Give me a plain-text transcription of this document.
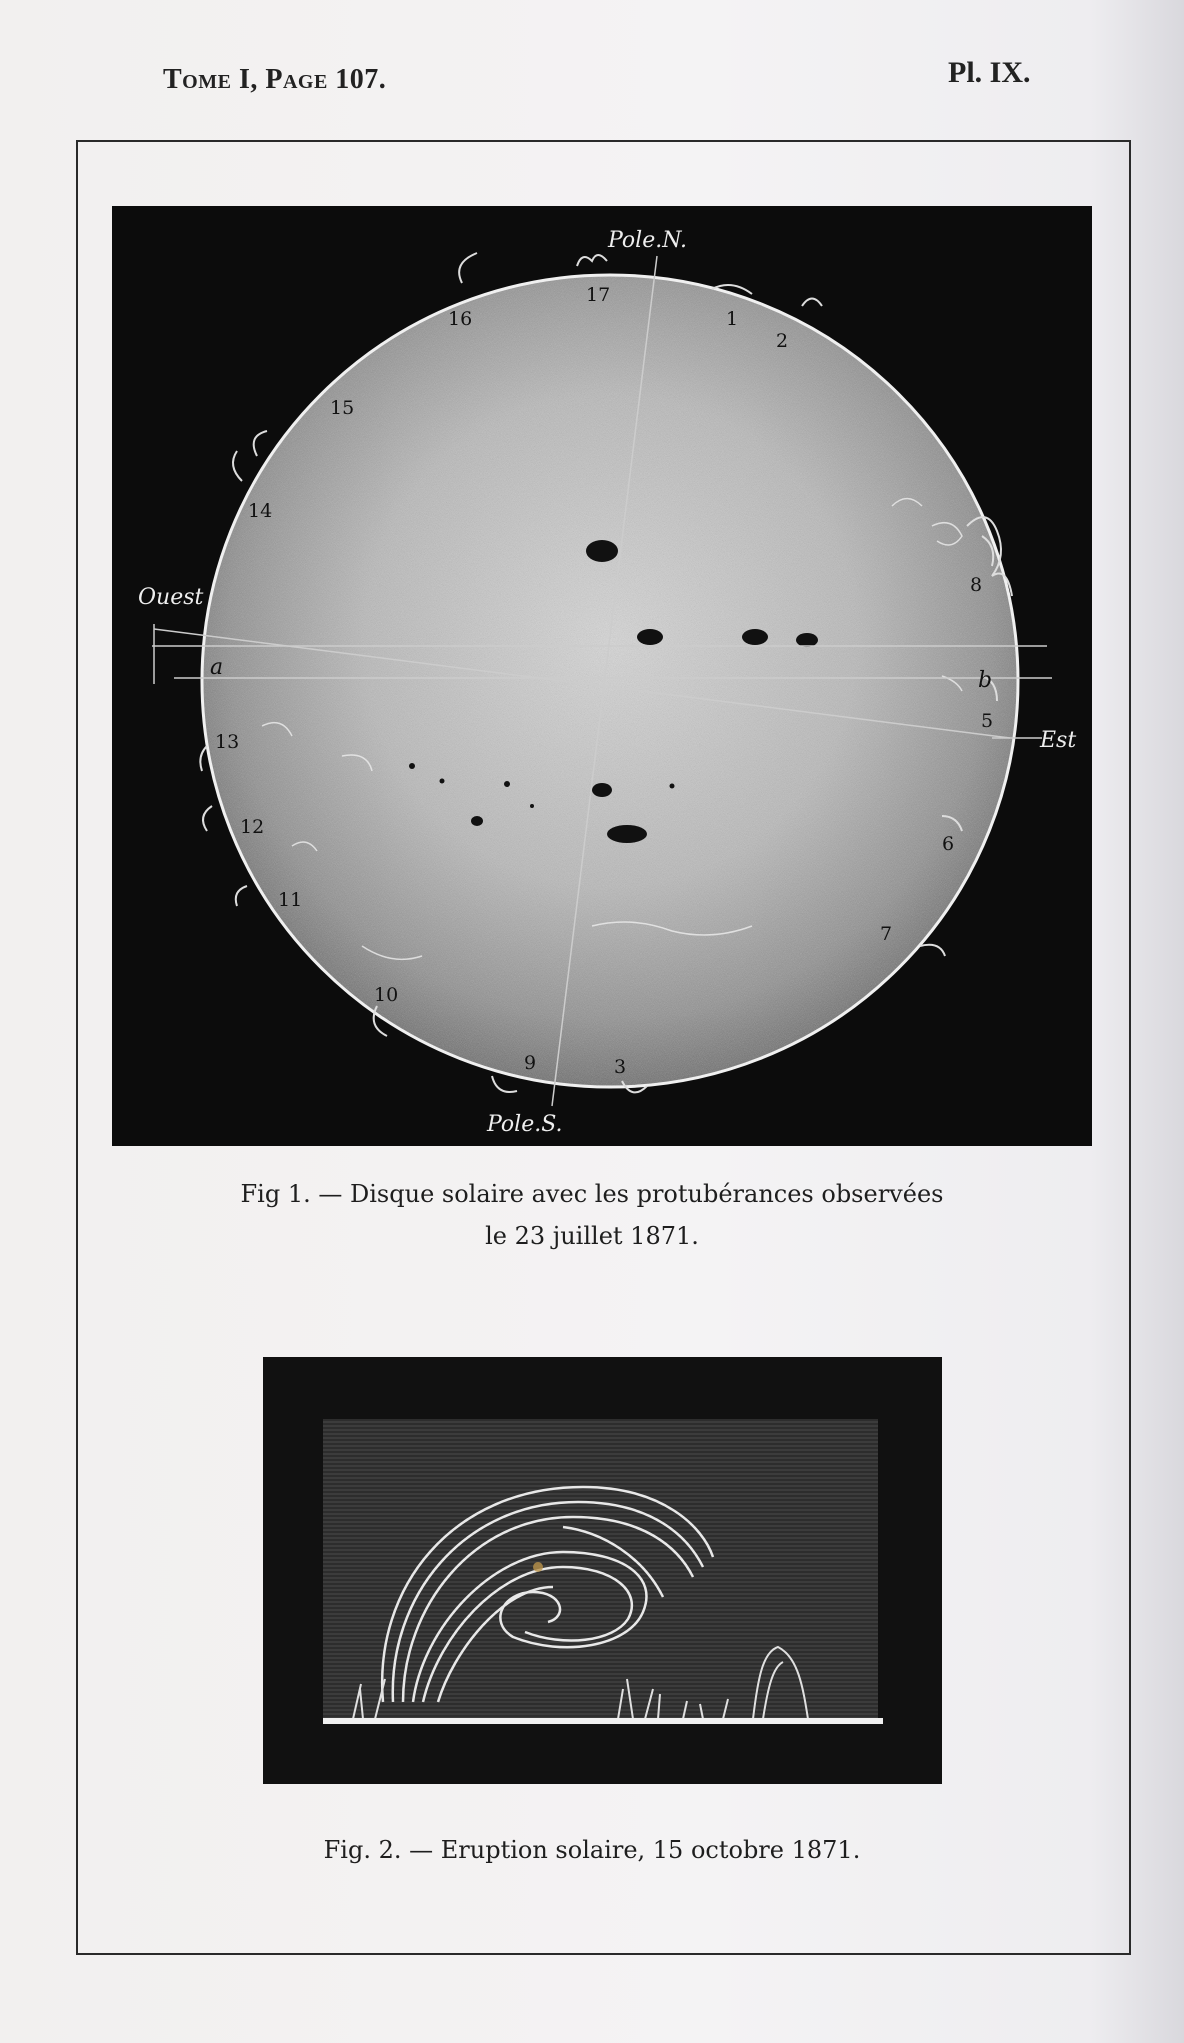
Tome I, Page 107.	Pl. IX.
1
2
3
5
6
7
8
9
10
11
12
13
14
15
16
17
Pole.N.
Pole.S.
Ouest
Est
a
b
Fig 1. — Disque solaire avec les protubérances observées
le 23 juillet 1871.
Fig. 2. — Eruption solaire, 15 octobre 1871.
